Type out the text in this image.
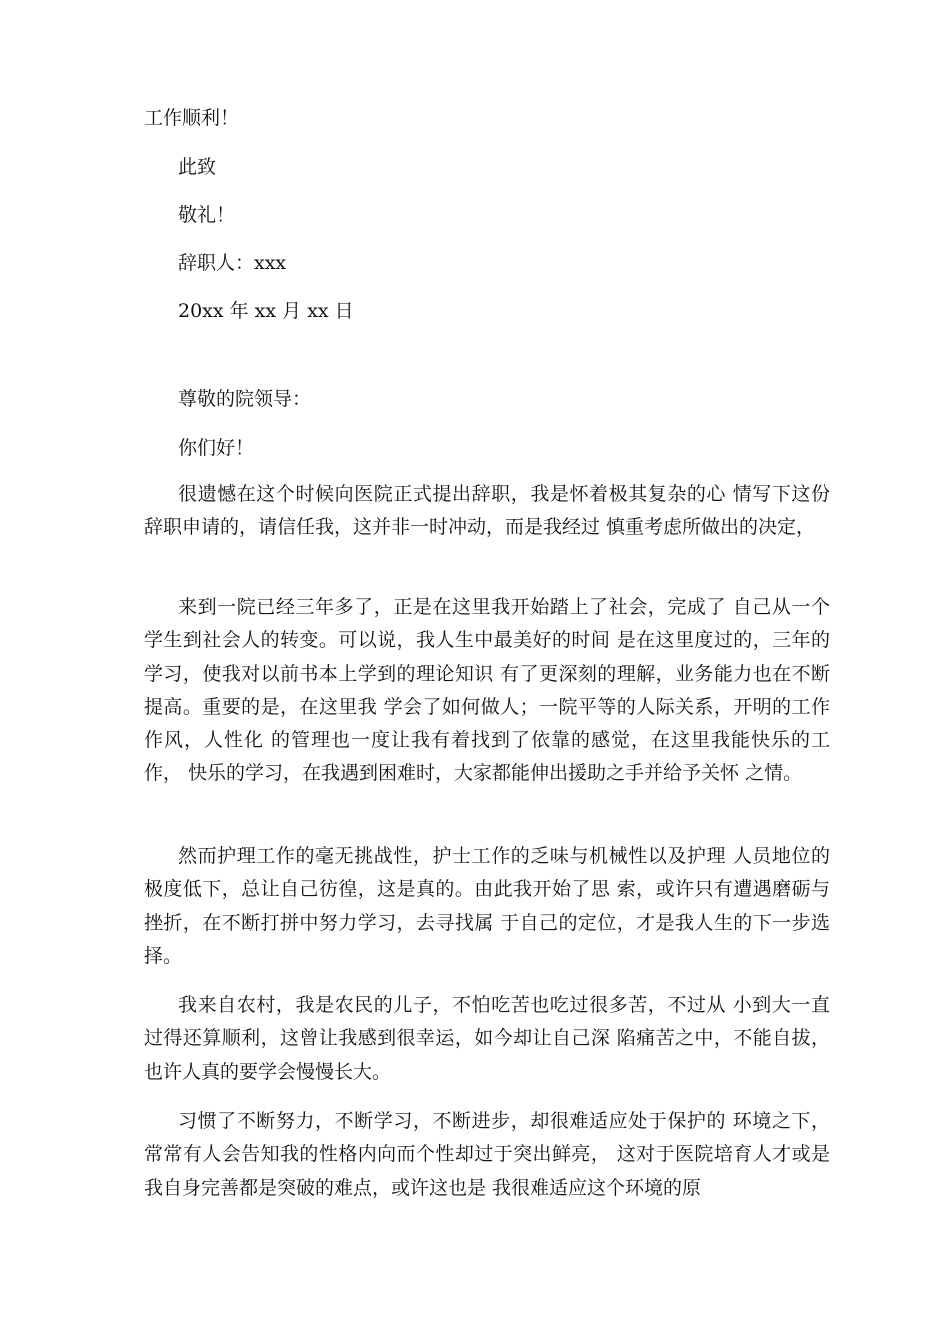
工作顺利！
此致
敬礼！
辞职人：xxx
20xx 年 xx 月 xx 日
尊敬的院领导：
你们好！

很遗憾在这个时候向医院正式提出辞职，我是怀着极其复杂的心 情写下这份辞职申请的，请信任我，这并非一时冲动，而是我经过 慎重考虑所做出的决定，

来到一院已经三年多了，正是在这里我开始踏上了社会，完成了 自己从一个学生到社会人的转变。可以说，我人生中最美好的时间 是在这里度过的，三年的学习，使我对以前书本上学到的理论知识 有了更深刻的理解，业务能力也在不断提高。重要的是，在这里我 学会了如何做人；一院平等的人际关系，开明的工作作风，人性化 的管理也一度让我有着找到了依靠的感觉，在这里我能快乐的工作， 快乐的学习，在我遇到困难时，大家都能伸出援助之手并给予关怀 之情。

然而护理工作的毫无挑战性，护士工作的乏味与机械性以及护理 人员地位的极度低下，总让自己彷徨，这是真的。由此我开始了思 索，或许只有遭遇磨砺与挫折，在不断打拼中努力学习，去寻找属 于自己的定位，才是我人生的下一步选择。

我来自农村，我是农民的儿子，不怕吃苦也吃过很多苦，不过从 小到大一直过得还算顺利，这曾让我感到很幸运，如今却让自己深 陷痛苦之中，不能自拔，也许人真的要学会慢慢长大。

习惯了不断努力，不断学习，不断进步，却很难适应处于保护的 环境之下，常常有人会告知我的性格内向而个性却过于突出鲜亮， 这对于医院培育人才或是我自身完善都是突破的难点，或许这也是 我很难适应这个环境的原
